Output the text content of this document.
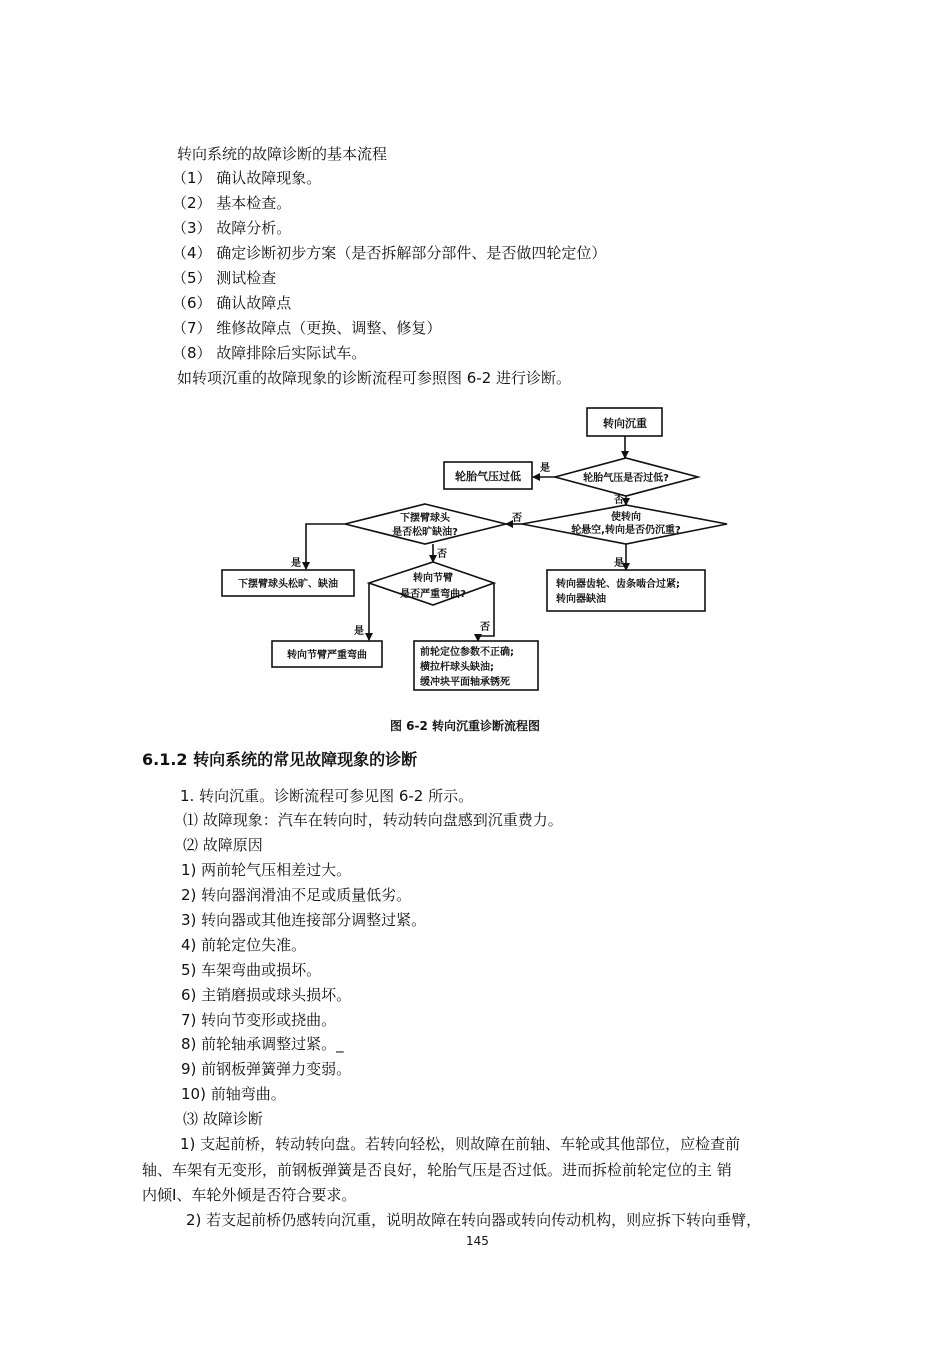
转向系统的故障诊断的基本流程
（1） 确认故障现象。
（2） 基本检查。
（3） 故障分析。
（4） 确定诊断初步方案（是否拆解部分部件、是否做四轮定位）
（5） 测试检查
（6） 确认故障点
（7） 维修故障点（更换、调整、修复）
（8） 故障排除后实际试车。
如转项沉重的故障现象的诊断流程可参照图 6-2 进行诊断。
转向沉重
轮胎气压是否过低?
轮胎气压过低
是
否
使转向
轮悬空,转向是否仍沉重?
否
是
转向器齿轮、齿条啮合过紧;
转向器缺油
下摆臂球头
是否松旷缺油?
是
下摆臂球头松旷、缺油
否
转向节臂
是否严重弯曲?
是	否
转向节臂严重弯曲	前轮定位参数不正确;
横拉杆球头缺油;
缓冲块平面轴承锈死
图 6-2 转向沉重诊断流程图
6.1.2 转向系统的常见故障现象的诊断
1. 转向沉重。诊断流程可参见图 6-2 所示。
⑴ 故障现象：汽车在转向时，转动转向盘感到沉重费力。
⑵ 故障原因
1) 两前轮气压相差过大。
2) 转向器润滑油不足或质量低劣。
3) 转向器或其他连接部分调整过紧。
4) 前轮定位失准。
5) 车架弯曲或损坏。
6) 主销磨损或球头损坏。
7) 转向节变形或挠曲。
8) 前轮轴承调整过紧。_
9) 前钢板弹簧弹力变弱。
10) 前轴弯曲。
⑶ 故障诊断
1) 支起前桥，转动转向盘。若转向轻松，则故障在前轴、车轮或其他部位，应检查前
轴、车架有无变形，前钢板弹簧是否良好，轮胎气压是否过低。进而拆检前轮定位的主 销
内倾I、车轮外倾是否符合要求。
2) 若支起前桥仍感转向沉重，说明故障在转向器或转向传动机构，则应拆下转向垂臂，
145
